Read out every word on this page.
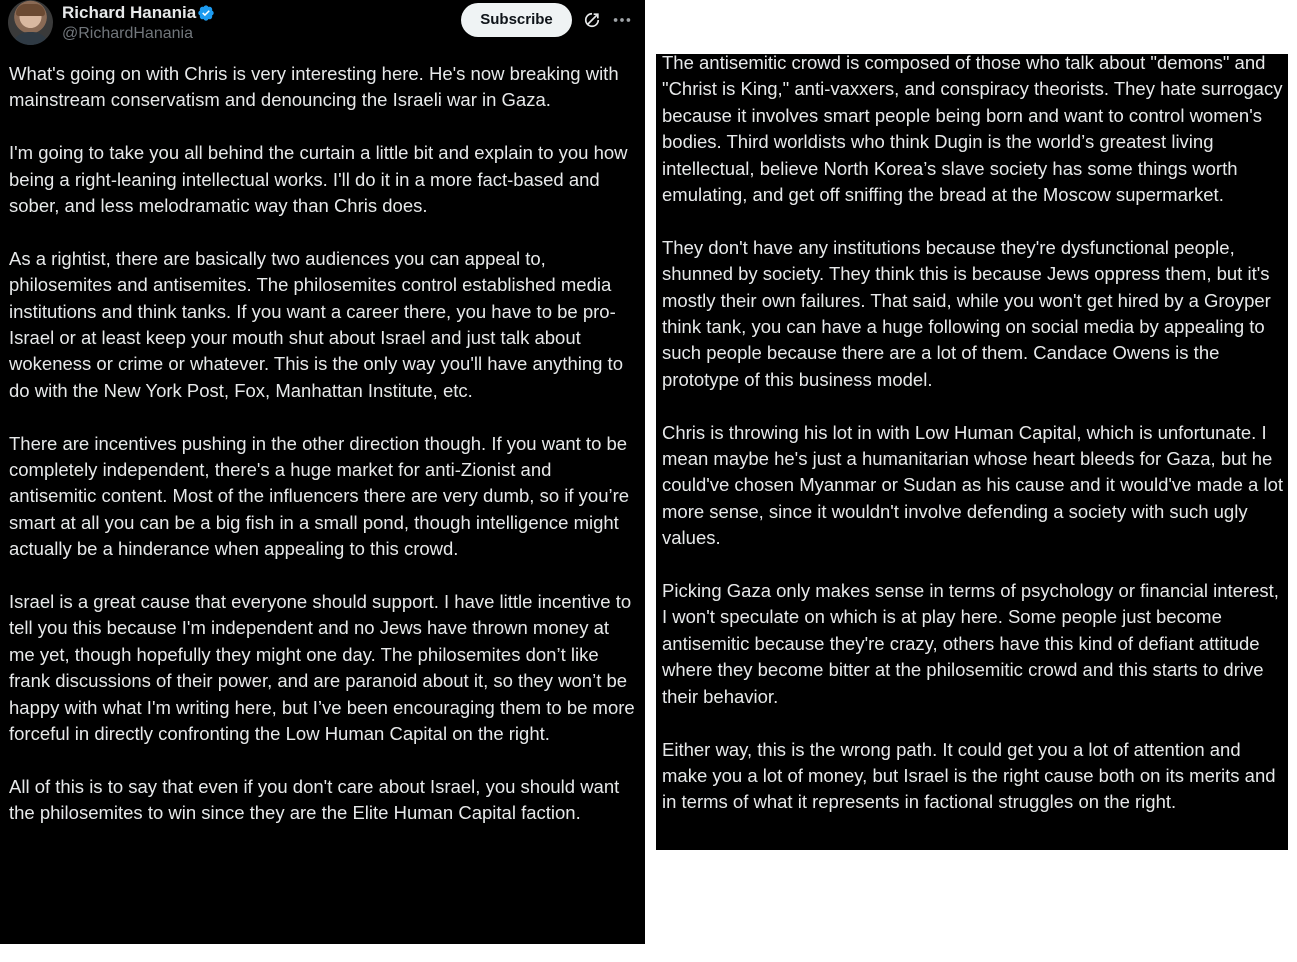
Richard Hanania
@RichardHanania
Subscribe

What's going on with Chris is very interesting here. He's now breaking with mainstream conservatism and denouncing the Israeli war in Gaza.

I'm going to take you all behind the curtain a little bit and explain to you how being a right-leaning intellectual works. I'll do it in a more fact-based and sober, and less melodramatic way than Chris does.

As a rightist, there are basically two audiences you can appeal to, philosemites and antisemites. The philosemites control established media institutions and think tanks. If you want a career there, you have to be pro-Israel or at least keep your mouth shut about Israel and just talk about wokeness or crime or whatever. This is the only way you'll have anything to do with the New York Post, Fox, Manhattan Institute, etc.

There are incentives pushing in the other direction though. If you want to be completely independent, there's a huge market for anti-Zionist and antisemitic content. Most of the influencers there are very dumb, so if you’re smart at all you can be a big fish in a small pond, though intelligence might actually be a hinderance when appealing to this crowd.

Israel is a great cause that everyone should support. I have little incentive to tell you this because I'm independent and no Jews have thrown money at me yet, though hopefully they might one day. The philosemites don’t like frank discussions of their power, and are paranoid about it, so they won’t be happy with what I'm writing here, but I’ve been encouraging them to be more forceful in directly confronting the Low Human Capital on the right.

All of this is to say that even if you don't care about Israel, you should want the philosemites to win since they are the Elite Human Capital faction.

The antisemitic crowd is composed of those who talk about "demons" and "Christ is King," anti-vaxxers, and conspiracy theorists. They hate surrogacy because it involves smart people being born and want to control women's bodies. Third worldists who think Dugin is the world’s greatest living intellectual, believe North Korea’s slave society has some things worth emulating, and get off sniffing the bread at the Moscow supermarket.

They don't have any institutions because they're dysfunctional people, shunned by society. They think this is because Jews oppress them, but it's mostly their own failures. That said, while you won't get hired by a Groyper think tank, you can have a huge following on social media by appealing to such people because there are a lot of them. Candace Owens is the prototype of this business model.

Chris is throwing his lot in with Low Human Capital, which is unfortunate. I mean maybe he's just a humanitarian whose heart bleeds for Gaza, but he could've chosen Myanmar or Sudan as his cause and it would've made a lot more sense, since it wouldn't involve defending a society with such ugly values.

Picking Gaza only makes sense in terms of psychology or financial interest, I won't speculate on which is at play here. Some people just become antisemitic because they're crazy, others have this kind of defiant attitude where they become bitter at the philosemitic crowd and this starts to drive their behavior.

Either way, this is the wrong path. It could get you a lot of attention and make you a lot of money, but Israel is the right cause both on its merits and in terms of what it represents in factional struggles on the right.
